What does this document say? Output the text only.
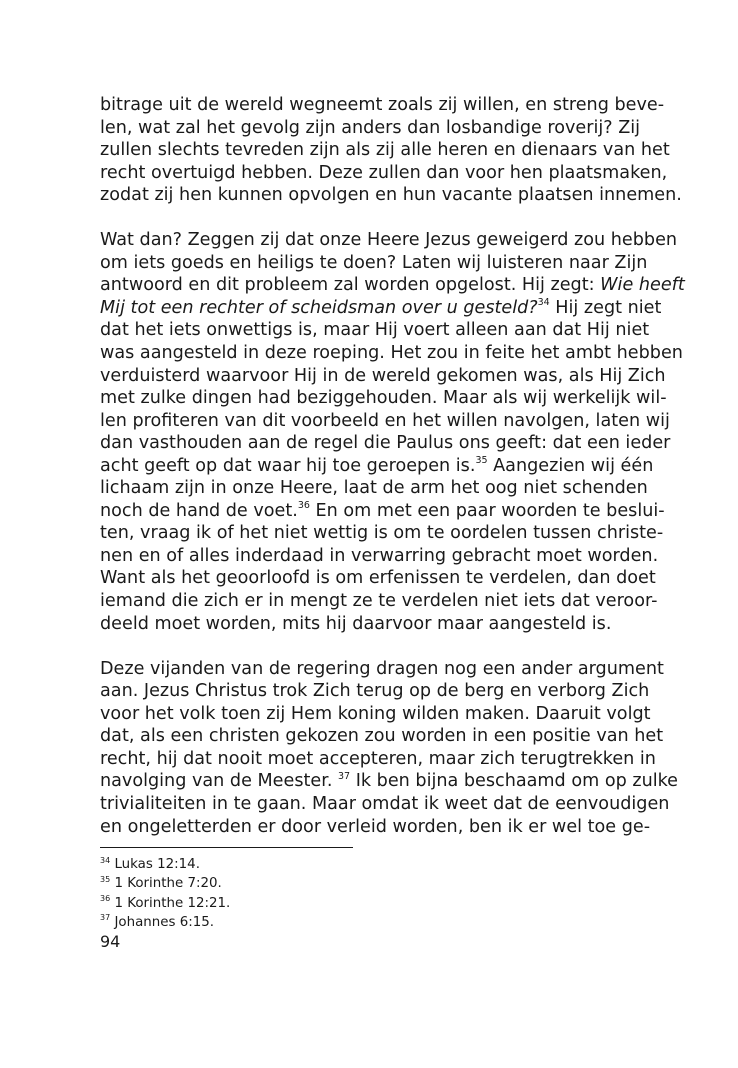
bitrage uit de wereld wegneemt zoals zij willen, en streng beve-
len, wat zal het gevolg zijn anders dan losbandige roverij? Zij
zullen slechts tevreden zijn als zij alle heren en dienaars van het
recht overtuigd hebben. Deze zullen dan voor hen plaatsmaken,
zodat zij hen kunnen opvolgen en hun vacante plaatsen innemen.
Wat dan? Zeggen zij dat onze Heere Jezus geweigerd zou hebben
om iets goeds en heiligs te doen? Laten wij luisteren naar Zijn
antwoord en dit probleem zal worden opgelost. Hij zegt: Wie heeft
Mij tot een rechter of scheidsman over u gesteld?$^{34}$ Hij zegt niet
dat het iets onwettigs is, maar Hij voert alleen aan dat Hij niet
was aangesteld in deze roeping. Het zou in feite het ambt hebben
verduisterd waarvoor Hij in de wereld gekomen was, als Hij Zich
met zulke dingen had beziggehouden. Maar als wij werkelijk wil-
len profiteren van dit voorbeeld en het willen navolgen, laten wij
dan vasthouden aan de regel die Paulus ons geeft: dat een ieder
acht geeft op dat waar hij toe geroepen is.$^{35}$ Aangezien wij één
lichaam zijn in onze Heere, laat de arm het oog niet schenden
noch de hand de voet.$^{36}$ En om met een paar woorden te beslui-
ten, vraag ik of het niet wettig is om te oordelen tussen christe-
nen en of alles inderdaad in verwarring gebracht moet worden.
Want als het geoorloofd is om erfenissen te verdelen, dan doet
iemand die zich er in mengt ze te verdelen niet iets dat veroor-
deeld moet worden, mits hij daarvoor maar aangesteld is.
Deze vijanden van de regering dragen nog een ander argument
aan. Jezus Christus trok Zich terug op de berg en verborg Zich
voor het volk toen zij Hem koning wilden maken. Daaruit volgt
dat, als een christen gekozen zou worden in een positie van het
recht, hij dat nooit moet accepteren, maar zich terugtrekken in
navolging van de Meester. $^{37}$ Ik ben bijna beschaamd om op zulke
trivialiteiten in te gaan. Maar omdat ik weet dat de eenvoudigen
en ongeletterden er door verleid worden, ben ik er wel toe ge-
$^{34}$ Lukas 12:14.
$^{35}$ 1 Korinthe 7:20.
$^{36}$ 1 Korinthe 12:21.
$^{37}$ Johannes 6:15.
94
